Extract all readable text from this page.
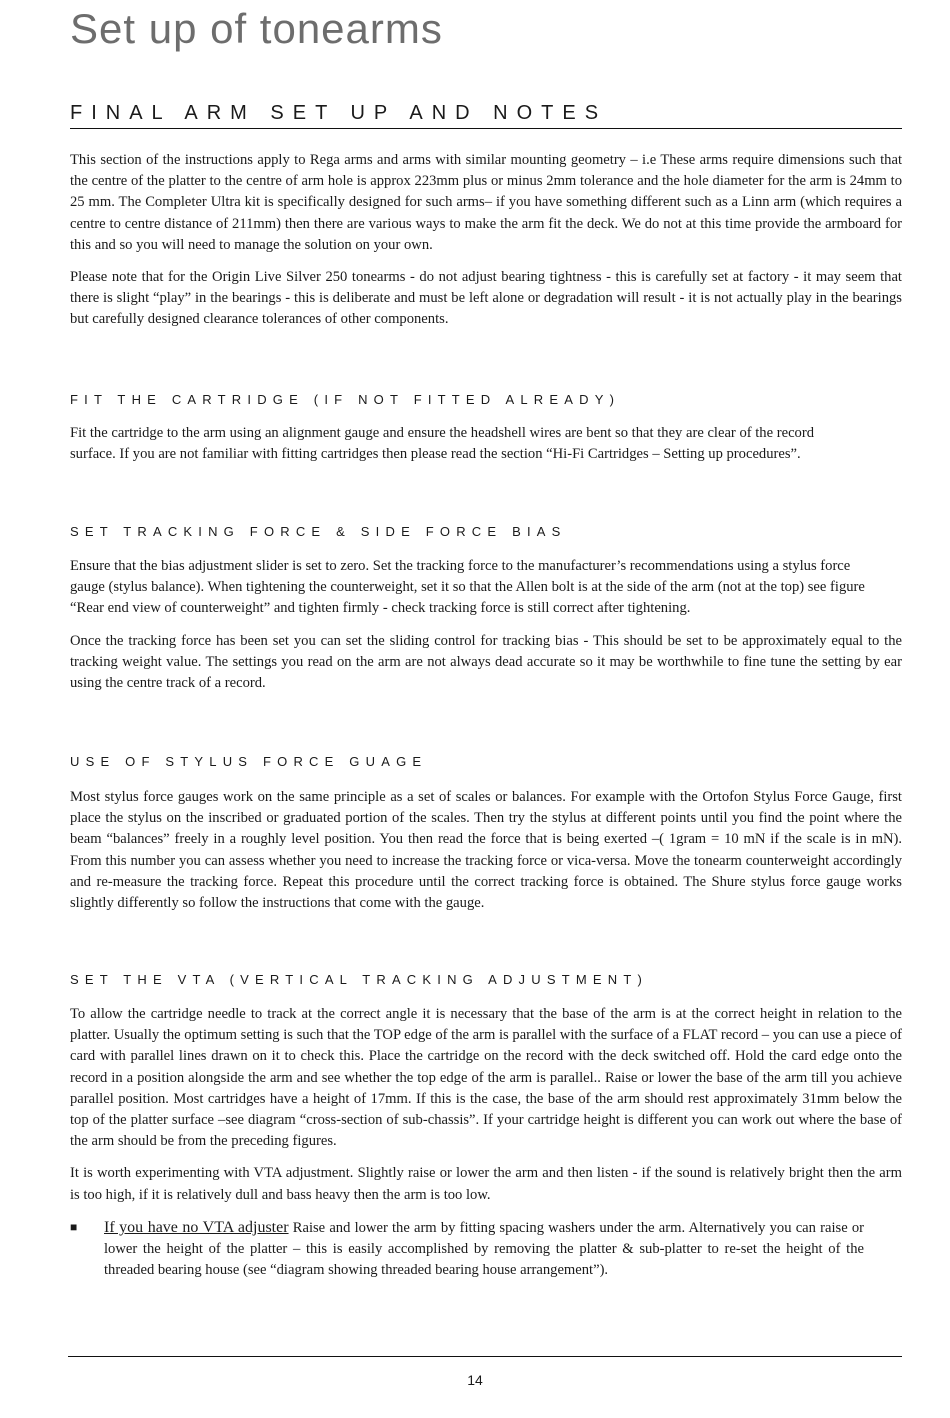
Set up of tonearms
FINAL ARM SET UP AND NOTES

This section of the instructions apply to Rega arms and arms with similar mounting geometry – i.e These arms require dimensions such that the centre of the platter to the centre of arm hole is approx 223mm plus or minus 2mm tolerance and the hole diameter for the arm is 24mm to 25 mm. The Completer Ultra kit is specifically designed for such arms– if you have something different such as a Linn arm (which requires a centre to centre distance of 211mm) then there are various ways to make the arm fit the deck. We do not at this time provide the armboard for this and so you will need to manage the solution on your own.

Please note that for the Origin Live Silver 250 tonearms - do not adjust bearing tightness - this is carefully set at factory - it may seem that there is slight “play” in the bearings - this is deliberate and must be left alone or degradation will result - it is not actually play in the bearings but carefully designed clearance tolerances of other components.

FIT THE CARTRIDGE (IF NOT FITTED ALREADY)

Fit the cartridge to the arm using an alignment gauge and ensure the headshell wires are bent so that they are clear of the record surface. If you are not familiar with fitting cartridges then please read the section “Hi-Fi Cartridges – Setting up procedures”.

SET TRACKING FORCE & SIDE FORCE BIAS

Ensure that the bias adjustment slider is set to zero. Set the tracking force to the manufacturer’s recommendations using a stylus force gauge (stylus balance). When tightening the counterweight, set it so that the Allen bolt is at the side of the arm (not at the top) see figure “Rear end view of counterweight” and tighten firmly - check tracking force is still correct after tightening.

Once the tracking force has been set you can set the sliding control for tracking bias - This should be set to be approximately equal to the tracking weight value. The settings you read on the arm are not always dead accurate so it may be worthwhile to fine tune the setting by ear using the centre track of a record.

USE OF STYLUS FORCE GUAGE

Most stylus force gauges work on the same principle as a set of scales or balances. For example with the Ortofon Stylus Force Gauge, first place the stylus on the inscribed or graduated portion of the scales. Then try the stylus at different points until you find the point where the beam “balances” freely in a roughly level position. You then read the force that is being exerted –( 1gram = 10 mN if the scale is in mN). From this number you can assess whether you need to increase the tracking force or vica-versa. Move the tonearm counterweight accordingly and re-measure the tracking force. Repeat this procedure until the correct tracking force is obtained. The Shure stylus force gauge works slightly differently so follow the instructions that come with the gauge.

SET THE VTA (VERTICAL TRACKING ADJUSTMENT)

To allow the cartridge needle to track at the correct angle it is necessary that the base of the arm is at the correct height in relation to the platter. Usually the optimum setting is such that the TOP edge of the arm is parallel with the surface of a FLAT record – you can use a piece of card with parallel lines drawn on it to check this. Place the cartridge on the record with the deck switched off. Hold the card edge onto the record in a position alongside the arm and see whether the top edge of the arm is parallel.. Raise or lower the base of the arm till you achieve parallel position. Most cartridges have a height of 17mm. If this is the case, the base of the arm should rest approximately 31mm below the top of the platter surface –see diagram “cross-section of sub-chassis”. If your cartridge height is different you can work out where the base of the arm should be from the preceding figures.

It is worth experimenting with VTA adjustment. Slightly raise or lower the arm and then listen - if the sound is relatively bright then the arm is too high, if it is relatively dull and bass heavy then the arm is too low.

■ If you have no VTA adjuster Raise and lower the arm by fitting spacing washers under the arm. Alternatively you can raise or lower the height of the platter – this is easily accomplished by removing the platter & sub-platter to re-set the height of the threaded bearing house (see “diagram showing threaded bearing house arrangement”).
14
